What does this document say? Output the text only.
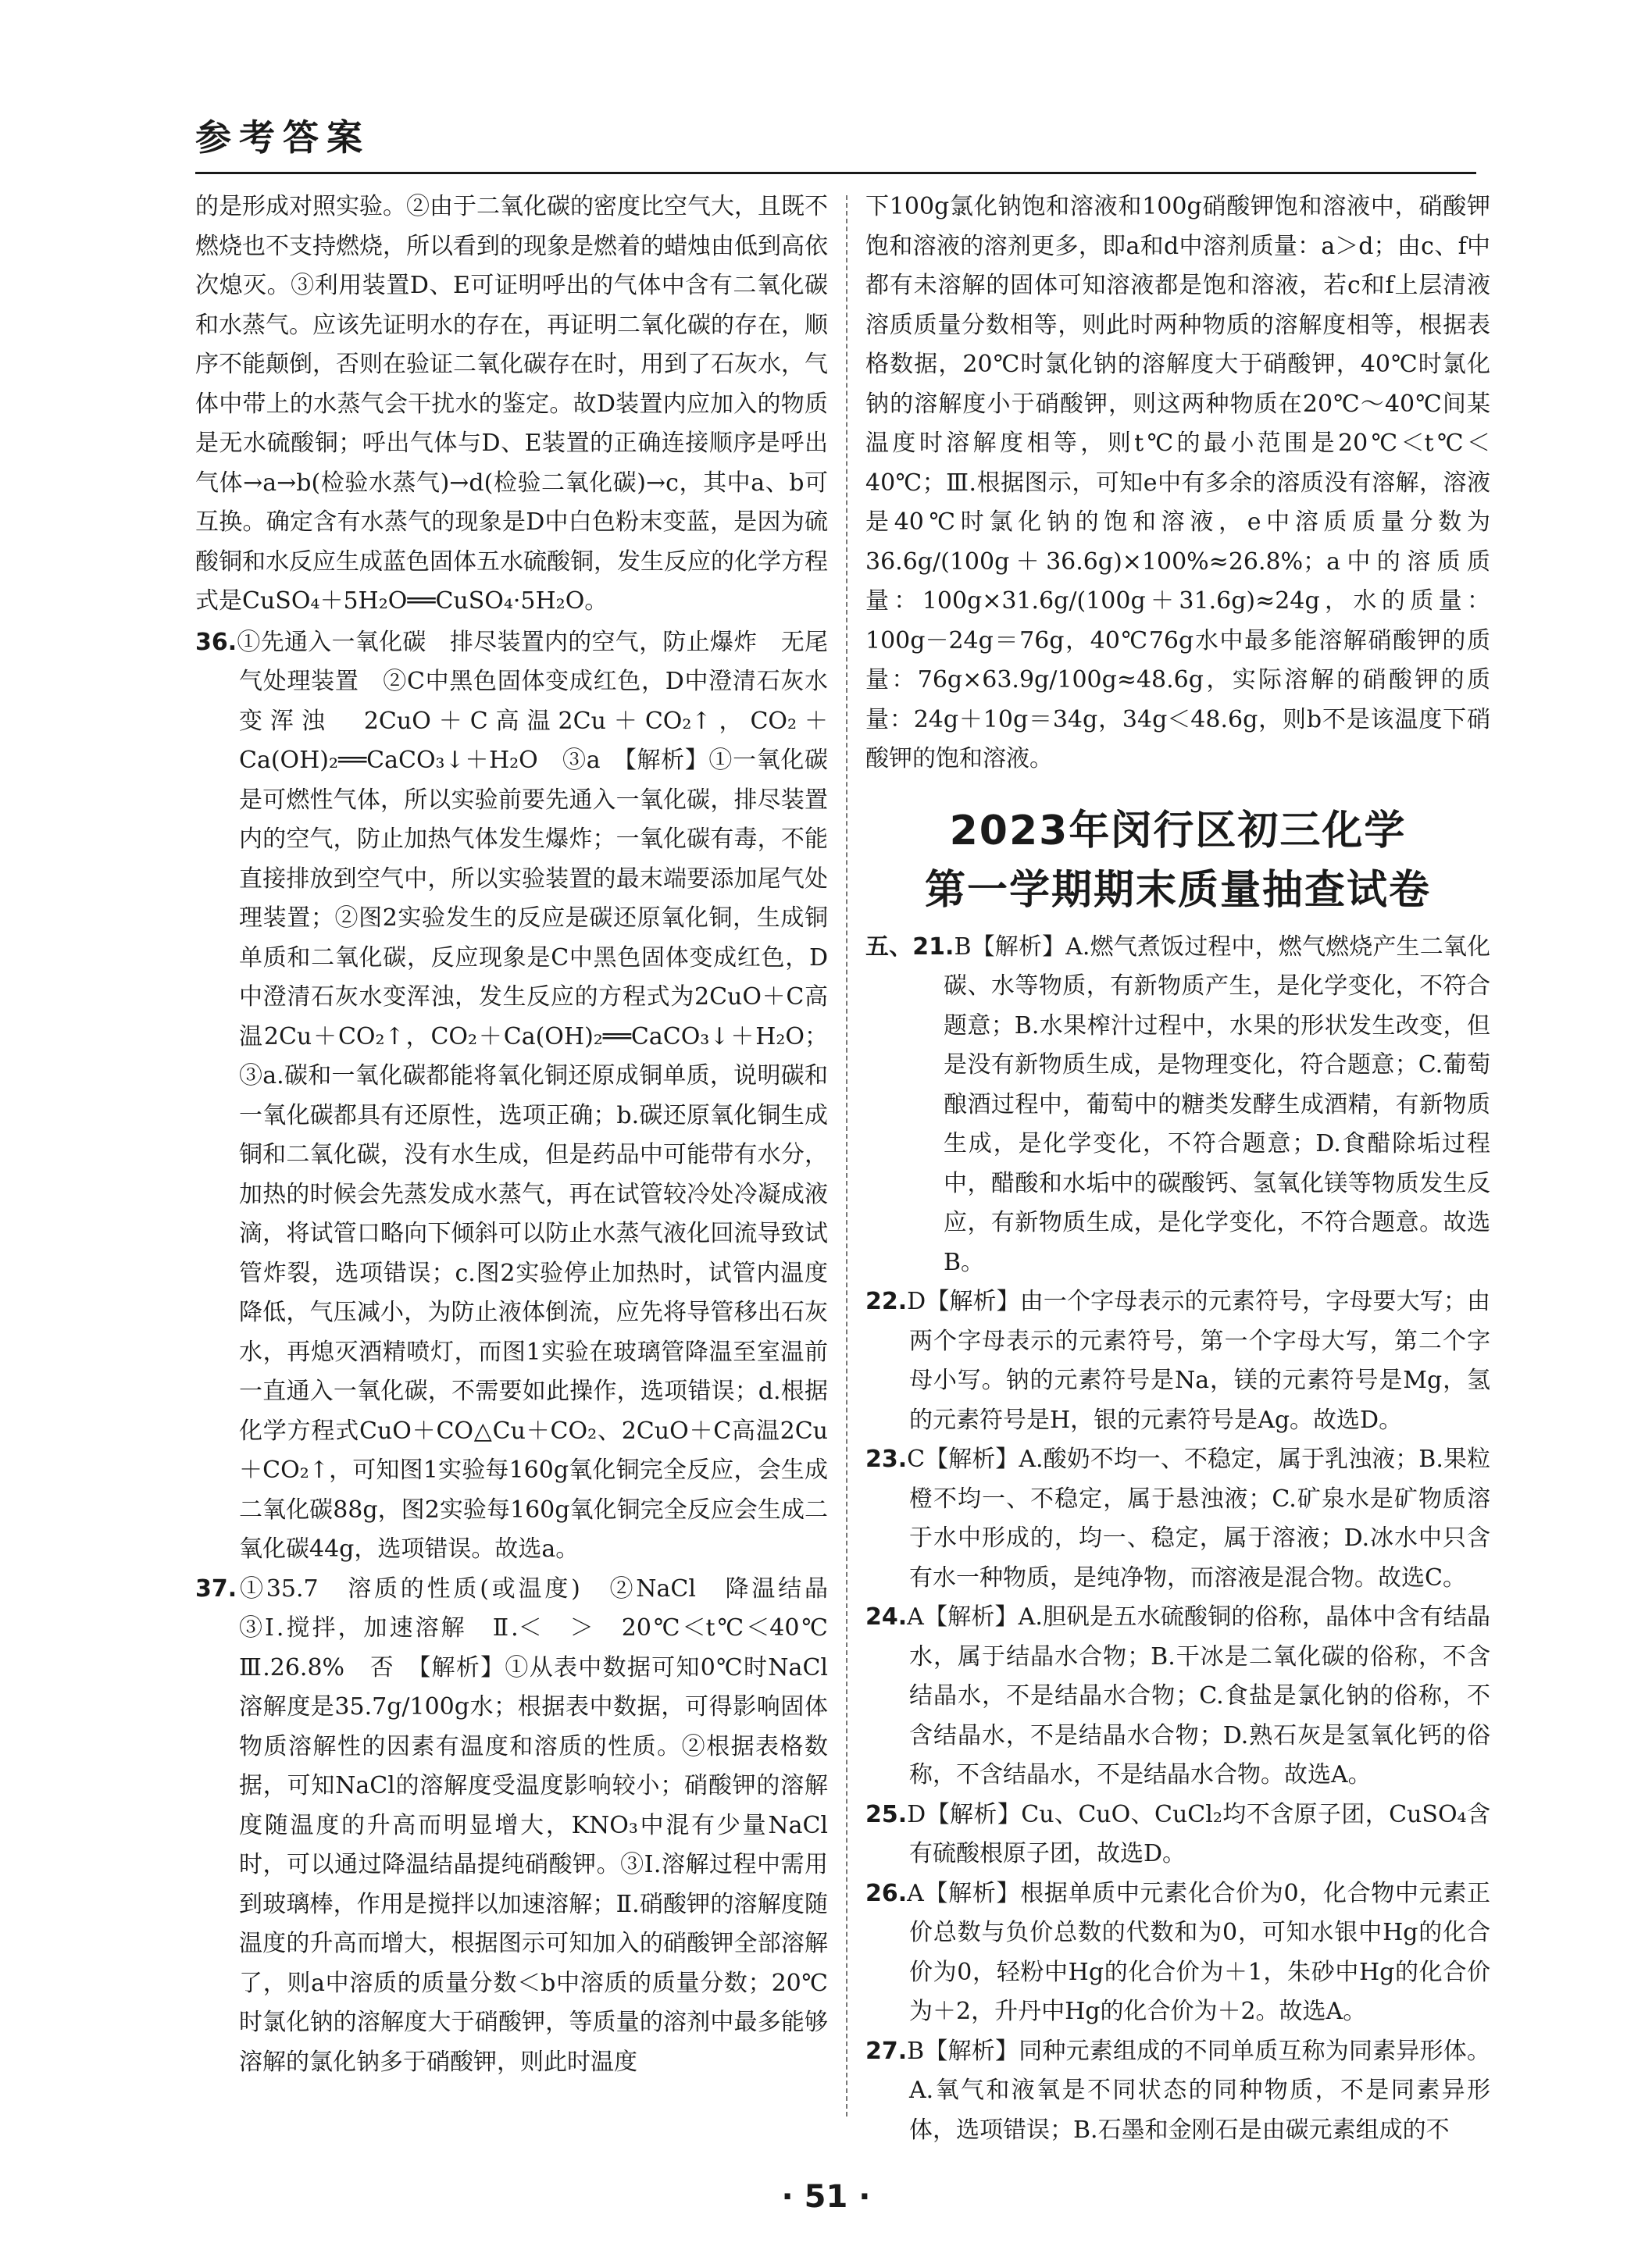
参考答案

的是形成对照实验。②由于二氧化碳的密度比空气大，且既不燃烧也不支持燃烧，所以看到的现象是燃着的蜡烛由低到高依次熄灭。③利用装置D、E可证明呼出的气体中含有二氧化碳和水蒸气。应该先证明水的存在，再证明二氧化碳的存在，顺序不能颠倒，否则在验证二氧化碳存在时，用到了石灰水，气体中带上的水蒸气会干扰水的鉴定。故D装置内应加入的物质是无水硫酸铜；呼出气体与D、E装置的正确连接顺序是呼出气体→a→b(检验水蒸气)→d(检验二氧化碳)→c，其中a、b可互换。确定含有水蒸气的现象是D中白色粉末变蓝，是因为硫酸铜和水反应生成蓝色固体五水硫酸铜，发生反应的化学方程式是CuSO₄＋5H₂O══CuSO₄·5H₂O。

36.①先通入一氧化碳　排尽装置内的空气，防止爆炸　无尾气处理装置　②C中黑色固体变成红色，D中澄清石灰水变浑浊　2CuO＋C高温2Cu＋CO₂↑，CO₂＋Ca(OH)₂══CaCO₃↓＋H₂O　③a　【解析】①一氧化碳是可燃性气体，所以实验前要先通入一氧化碳，排尽装置内的空气，防止加热气体发生爆炸；一氧化碳有毒，不能直接排放到空气中，所以实验装置的最末端要添加尾气处理装置；②图2实验发生的反应是碳还原氧化铜，生成铜单质和二氧化碳，反应现象是C中黑色固体变成红色，D中澄清石灰水变浑浊，发生反应的方程式为2CuO＋C高温2Cu＋CO₂↑，CO₂＋Ca(OH)₂══CaCO₃↓＋H₂O；③a.碳和一氧化碳都能将氧化铜还原成铜单质，说明碳和一氧化碳都具有还原性，选项正确；b.碳还原氧化铜生成铜和二氧化碳，没有水生成，但是药品中可能带有水分，加热的时候会先蒸发成水蒸气，再在试管较冷处冷凝成液滴，将试管口略向下倾斜可以防止水蒸气液化回流导致试管炸裂，选项错误；c.图2实验停止加热时，试管内温度降低，气压减小，为防止液体倒流，应先将导管移出石灰水，再熄灭酒精喷灯，而图1实验在玻璃管降温至室温前一直通入一氧化碳，不需要如此操作，选项错误；d.根据化学方程式CuO＋CO△Cu＋CO₂、2CuO＋C高温2Cu＋CO₂↑，可知图1实验每160g氧化铜完全反应，会生成二氧化碳88g，图2实验每160g氧化铜完全反应会生成二氧化碳44g，选项错误。故选a。

37.①35.7　溶质的性质(或温度)　②NaCl　降温结晶　③Ⅰ.搅拌，加速溶解　Ⅱ.＜　＞　20℃＜t℃＜40℃　Ⅲ.26.8%　否　【解析】①从表中数据可知0℃时NaCl溶解度是35.7g/100g水；根据表中数据，可得影响固体物质溶解性的因素有温度和溶质的性质。②根据表格数据，可知NaCl的溶解度受温度影响较小；硝酸钾的溶解度随温度的升高而明显增大，KNO₃中混有少量NaCl时，可以通过降温结晶提纯硝酸钾。③Ⅰ.溶解过程中需用到玻璃棒，作用是搅拌以加速溶解；Ⅱ.硝酸钾的溶解度随温度的升高而增大，根据图示可知加入的硝酸钾全部溶解了，则a中溶质的质量分数＜b中溶质的质量分数；20℃时氯化钠的溶解度大于硝酸钾，等质量的溶剂中最多能够溶解的氯化钠多于硝酸钾，则此时温度

下100g氯化钠饱和溶液和100g硝酸钾饱和溶液中，硝酸钾饱和溶液的溶剂更多，即a和d中溶剂质量：a＞d；由c、f中都有未溶解的固体可知溶液都是饱和溶液，若c和f上层清液溶质质量分数相等，则此时两种物质的溶解度相等，根据表格数据，20℃时氯化钠的溶解度大于硝酸钾，40℃时氯化钠的溶解度小于硝酸钾，则这两种物质在20℃～40℃间某温度时溶解度相等，则t℃的最小范围是20℃＜t℃＜40℃；Ⅲ.根据图示，可知e中有多余的溶质没有溶解，溶液是40℃时氯化钠的饱和溶液，e中溶质质量分数为36.6g/(100g＋36.6g)×100%≈26.8%；a中的溶质质量：100g×31.6g/(100g＋31.6g)≈24g，水的质量：100g－24g＝76g，40℃76g水中最多能溶解硝酸钾的质量：76g×63.9g/100g≈48.6g，实际溶解的硝酸钾的质量：24g＋10g＝34g，34g＜48.6g，则b不是该温度下硝酸钾的饱和溶液。

2023年闵行区初三化学
第一学期期末质量抽查试卷

五、21.B【解析】A.燃气煮饭过程中，燃气燃烧产生二氧化碳、水等物质，有新物质产生，是化学变化，不符合题意；B.水果榨汁过程中，水果的形状发生改变，但是没有新物质生成，是物理变化，符合题意；C.葡萄酿酒过程中，葡萄中的糖类发酵生成酒精，有新物质生成，是化学变化，不符合题意；D.食醋除垢过程中，醋酸和水垢中的碳酸钙、氢氧化镁等物质发生反应，有新物质生成，是化学变化，不符合题意。故选B。

22.D【解析】由一个字母表示的元素符号，字母要大写；由两个字母表示的元素符号，第一个字母大写，第二个字母小写。钠的元素符号是Na，镁的元素符号是Mg，氢的元素符号是H，银的元素符号是Ag。故选D。

23.C【解析】A.酸奶不均一、不稳定，属于乳浊液；B.果粒橙不均一、不稳定，属于悬浊液；C.矿泉水是矿物质溶于水中形成的，均一、稳定，属于溶液；D.冰水中只含有水一种物质，是纯净物，而溶液是混合物。故选C。

24.A【解析】A.胆矾是五水硫酸铜的俗称，晶体中含有结晶水，属于结晶水合物；B.干冰是二氧化碳的俗称，不含结晶水，不是结晶水合物；C.食盐是氯化钠的俗称，不含结晶水，不是结晶水合物；D.熟石灰是氢氧化钙的俗称，不含结晶水，不是结晶水合物。故选A。

25.D【解析】Cu、CuO、CuCl₂均不含原子团，CuSO₄含有硫酸根原子团，故选D。

26.A【解析】根据单质中元素化合价为0，化合物中元素正价总数与负价总数的代数和为0，可知水银中Hg的化合价为0，轻粉中Hg的化合价为＋1，朱砂中Hg的化合价为＋2，升丹中Hg的化合价为＋2。故选A。

27.B【解析】同种元素组成的不同单质互称为同素异形体。A.氧气和液氧是不同状态的同种物质，不是同素异形体，选项错误；B.石墨和金刚石是由碳元素组成的不

· 51 ·
